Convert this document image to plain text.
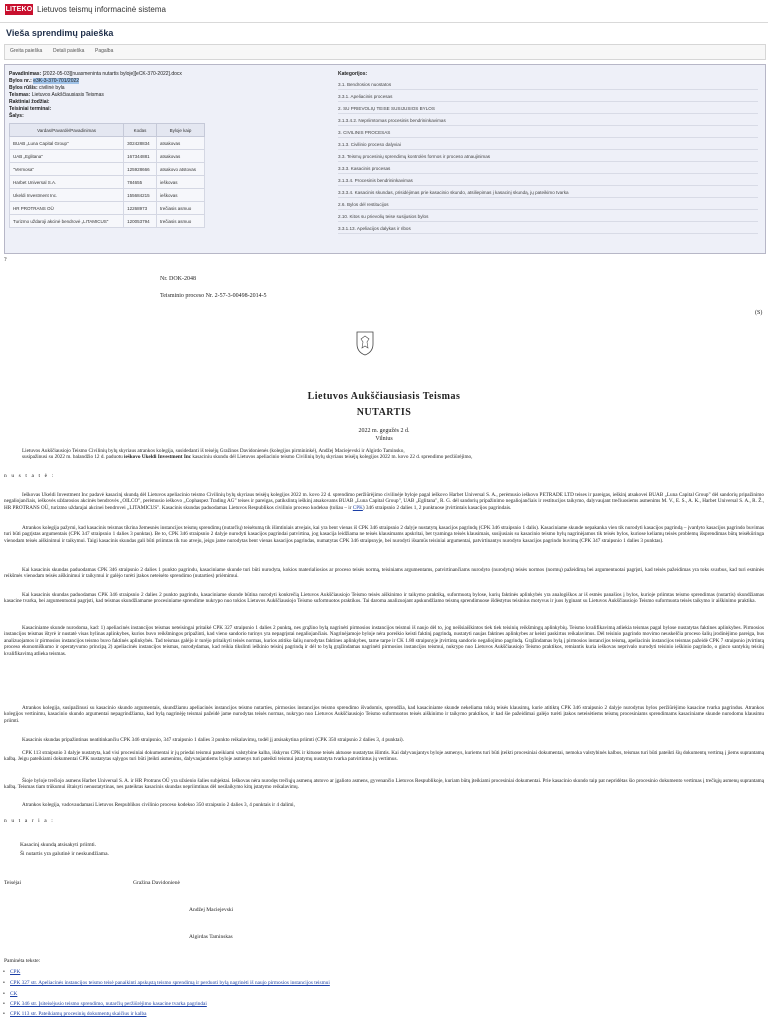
LITEKO Lietuvos teismų informacinė sistema
Viešа sprendimų paieška
Greita paieška Detali paieška Pagalba
Pavadinimas: [2022-05-03][nuasmeninta nutartis byloje][eCK-370-2022].docx
Bylos nr.: e3K-3-370-701/2022
Bylos rūšis: civilinė byla
Teismas: Lietuvos Aukščiausiasis Teismas
Raktiniai žodžiai:
Teisiniai terminai:
Šalys:
Vardas/Pavardė/Pavadinimas	Kodas	Byloje kaip
BUAB „Luna Capital Group"	302428834	atsakovas
UAB „Eglitana"	167344881	atsakovas
"Vermosa"	125928666	atsakovo atstovas
Harbet Universal S.A.	784655	ieškovas
Ukeldi Investment Inc.	155684215	ieškovas
HR PROTRANS OÜ	12268973	trečiasis asmuo
Turizmo uždaroji akcinė bendrovė „LITAMICUS"	120053794	trečiasis asmuo
Kategorijos:
3.1. Bendrosios nuostatos
3.3.1. Apeliacinis procesas
2. SU PRIEVOLIŲ TEISE SUSIJUSIOS BYLOS
3.1.3.4.2. Nepriimtomas procesinis bendrininkavimas
3. CIVILINIS PROCESAS
3.1.3. Civilinio proceso dalyviai
3.3. Teismų procesinių sprendimų kontrolės formos ir proceso atnaujinimas
3.3.3. Kasacinis procesas
3.1.3.4. Procesinis bendrininkavimas
3.3.3.4. Kasacinis skundas, prisidėjimas prie kasacinio skundo, atsiliepimas į kasacinį skundą, jų pateikimo tvarka
2.6. Bylos dėl restitucijos
2.10. Kitos su prievolių teise susijusios bylos
3.3.1.13. Apeliacijos dalykas ir ribos
?
Nr. DOK-2048
Teisminio proceso Nr. 2-57-3-00498-2014-5
(S)
Lietuvos Aukščiausiasis Teismas
NUTARTIS
2022 m. gegužės 2 d.
Vilnius
Lietuvos Aukščiausiojo Teismo Civilinių bylų skyriaus atrankos kolegija, susidedanti iš teisėjų Gražinos Davidonienės (kolegijos pirmininkė), Andžej Maciejevski ir Algirdo Taminsko,
susipažinusi su 2022 m. balandžio 12 d. paduotu ieškovo Ukeldi Investment Inc kasaciniu skundu dėl Lietuvos apeliacinio teismo Civilinių bylų skyriaus teisėjų kolegijos 2022 m. kovo 22 d. sprendimo peržiūrėjimo,
n u s t a t ė :
Ieškovas Ukeldi Investment Inc padavė kasacinį skundą dėl Lietuvos apeliacinio teismo Civilinių bylų skyriaus teisėjų kolegijos 2022 m. kovo 22 d. sprendimo peržiūrėjimo civilinėje byloje pagal ieškovo Harbet Universal S. A., perėmusio ieškovo PETRADE LTD teises ir pareigas, ieškinį atsakovei BUAB „Luna Capital Group" dėl sandorių pripažinimo negaliojančiais, ieškovės uždarosios akcinės bendrovės „OILCO", perėmusio ieškovo „Cophaspez Trading AG" teises ir pareigas, patikslintą ieškinį atsakovams BUAB „Luna Capital Group", UAB „Eglitana", R. G. dėl sandorių pripažinimo negaliojančiais ir restitucijos taikymo, dalyvaujant trečiuosiems asmenims M. V., E. S., A. K., Harbet Universal S. A., R. Ž., HR PROTRANS OÜ, turizmo uždarajai akcinei bendrovei „LITAMICUS". Kasacinis skundas paduodamas Lietuvos Respublikos civilinio proceso kodekso (toliau – ir CPK) 346 straipsnio 2 dalies 1, 2 punktuose įtvirtintais kasacijos pagrindais.
Atrankos kolegija pažymi, kad kasacinis teismas tikrina žemesnės instancijos teismų sprendimų (nutarčių) teisėtumą tik išimtiniais atvejais, kai yra bent vienas iš CPK 346 straipsnio 2 dalyje nustatytų kasacijos pagrindų (CPK 346 straipsnio 1 dalis). Kasaciniame skunde nepakanka vien tik nurodyti kasacijos pagrindą – įvardyto kasacijos pagrindo buvimas turi būti pagrįstas argumentais (CPK 347 straipsnio 1 dalies 3 punktas). Be to, CPK 346 straipsnio 2 dalyje nurodyti kasacijos pagrindai patvirtina, jog kasacija leidžiama ne teisės klausimams apskritai, bet tyaminga teisės klausimais, susijusiais su kasacinio teismo bylų nagrinėjamos tik teisės bylos, kuriose keliamų teisės problemų išsprendimas būtų teisėkūringa vienodam teisės aiškinimui ir taikymui. Taigi kasacinis skundas gali būti priimtas tik tuo atveju, jeigu jame nurodytas bent vienas kasacijos pagrindas, numatytas CPK 346 straipsnyje, bei nurodyti išsamūs teisiniai argumentai, patvirtinantys nurodyto kasacijos pagrindo buvimą (CPK 347 straipsnio 1 dalies 3 punktas).
Kai kasacinis skundas paduodamas CPK 346 straipsnio 2 dalies 1 punkto pagrindu, kasaciniame skunde turi būti nurodyta, kokios materialiosios ar proceso teisės normą, teisiniams argumentams, patvirtinančiams nurodyto (nurodytų) teisės normos (normų) pažeidimą bei argumentuotai pagrįsti, kad teisės pažeidimas yra toks svarbus, kad turi esminės reikšmės vienodam teisės aiškinimui ir taikymui ir galėjo turėti įtakos neteisėto sprendimo (nutarties) priėmimui.
Kai kasacinis skundas paduodamas CPK 346 straipsnio 2 dalies 2 punkto pagrindu, kasaciniame skunde būtina nurodyti konkrečią Lietuvos Aukščiausiojo Teismo teisės aiškinimo ir taikymo praktiką, suformuotą bylose, kurių faktinės aplinkybės yra analogiškos ar iš esmės panašios į bylos, kurioje priimtas teismo sprendimas (nutartis) skundžiamas kasacine tvarka, bei argumentuotai pagrįsti, kad teismas skundžiamame procesiniame sprendime nukrypo nuo tokios Lietuvos Aukščiausiojo Teismo suformuotos praktikos. Tai daroma analizuojant apskundžiamo teismų sprendimuose išdėstytus teisinius motyvus ir juos lyginant su Lietuvos Aukščiausiojo Teismo suformuota teisės taikymo ir aiškinimo praktika.
Kasaciniame skunde nurodoma, kad: 1) apeliacinės instancijos teismas neteisingai pritaikė CPK 327 straipsnio 1 dalies 2 punktą, nes grąžino bylą nagrinėti pirmosios instancijos teismui iš naujo dėl to, jog neišsiaiškintos tiek tiek teisinių reikšmingų aplinkybių. Teismo kvalifikavimą atliekia teismas pagal bylose nustatytas faktines aplinkybes. Pirmosios instancijos teismas ištyrė ir nustatė visas bylinas aplinkybes, kurios buvo reikšmingos pripažinti, kad vieno sandorio turinys yra nepagrįstai negaliojančiais. Nagrinėjamoje byloje nėra poreikio keisti faktinį pagrindą, nustatyti naujas faktines aplinkybes ar keisti paskirtus reikalavimus. Dėl teisinio pagrindo movimo neuskelčia proceso šalių įrodinėjimo pareiga, bus analizuojamos ir pirmosios instancijos teismo buvo faktinės aplinkybės. Tad teismas galėjo ir turėjo pritaikyti teisės normas, kurios atitiko šalių nurodytas faktines aplinkybes, tarne tarpe ir CK 1.80 straipsnyje įtvirtintą sandorio negaliojimo pagrindą. Grąžindamas bylą į pirmosios instancijos teismą, apeliacinis instancijos teismas pažeidė CPK 7 straipsnio įtvirtintą proceso ekonomiškumo ir operatyvumo principą 2) apeliacinės instancijos teismas, nurodydamas, kad reikia tikslinti ieškinio teisinį pagrindą ir dėl to bylą grąžindamas nagrinėti pirmosios instancijos teismui, nukrypo nuo Lietuvos Aukščiausiojo Teismo praktikos, remiantis kuria ieškovas neprivalo nurodyti teisinio ieškinio pagrindo, o gincо santykių teisinį kvalifikavimą atlieka teismas.
Atrankos kolegija, susipažinusi su kasacinio skundo argumentais, skundžiamu apeliacinės instancijos teismo nutarties, pirmosios instancijos teismo sprendimo išvadomis, sprendžia, kad kasaciniame skunde nekeliama tokių teisės klausimų, kurie atitiktų CPK 346 straipsnio 2 dalyje nurodytus bylos peržiūrėjimo kasacine tvarka pagrindus. Atrankos kolegijos vertinimu, kasacinio skundo argumentai nepagrindžiama, kad bylą nagrinėję teismai pažeidė jame nurodytas teisės normas, nukrypo nuo Lietuvos Aukščiausiojo Teismo suformuotos teisės aiškinimo ir taikymo praktikos, ir kad šie pažeidimai galėjo turėti įtakos neteisėtiems teismų procesiniams sprendimams kasaciniame skunde nurodomu klausimu priimti.
Kasacinis skundas pripažintinas neatitinkančiu CPK 346 straipsnio, 347 straipsnio 1 dalies 3 punkto reikalavimų, todėl jį atsisakytina priimti (CPK 350 straipsnio 2 dalies 3, 4 punktai).
CPK 113 straipsnio 3 dalyje nustatyta, kad visi procesiniai dokumentai ir jų priedai teismui pateikiami valstybine kalba, išskyrus CPK ir kituose teisės aktuose nustatytas išimtis. Kai dalyvaujantys byloje asmenys, kuriems turi būti įteikti procesiniai dokumentai, nemoka valstybinės kalbos, teismas turi būti pateikti šių dokumentų vertimą į jiems suprantamą kalbą. Jeigu pateikiami dokumentai CPK nustatytas sąlygos turi būti įteikti asmenims, dalyvaujantiems byloje asmenys turi pateikti teismui įstatymų nustatyta tvarka patvirtintus jų vertimus.
Šioje byloje trečiojo asmens Harbet Universal S. A. ir HR Protrans OÜ yra užsienio šalies subjektai. Ieškovas nėra nurodęs trečiųjų asmenų atstovo ar įgalioto asmens, gyvenančio Lietuvos Respublikoje, kuriam būtų įteikiami procesiniai dokumentai. Prie kasacinio skundo taip pat nepridėtas šio procesinio dokumento vertimas į trečiųjų asmenų suprantamą kalbą. Teismas tiam trūkumui ištaisyti nenustatytinas, nes pateiktas kasacinis skundas nepriimtinas dėl nesilaikymo kitų įstatymo reikalavimų.
Atrankos kolegija, vadovaudamasi Lietuvos Respublikos civilinio proceso kodekso 350 straipsnio 2 dalies 3, 4 punktais ir 4 dalimi,
n u t a r i a :
Kasacinį skundą atsisakyti priimti.
Ši nutartis yra galutinė ir neskundžiama.
Teisėjai	Gražina Davidonienė
Andžej Maciejevski
Algirdas Taminskas
Paminėta tekste:
• CPK
• CPK 327 str. Apeliacinės instancijos teismo teisė panaikinti apskųstą teismo sprendimą ir perduoti bylą nagrinėti iš naujo pirmosios instancijos teismui
• CK
• CPK 346 str. Įsiteisėjusio teismo sprendimo, nutarčių peržiūrėjimo kasacine tvarka pagrindai
• CPK 113 str. Pateikiamų procesinių dokumentų skaičius ir kalba
